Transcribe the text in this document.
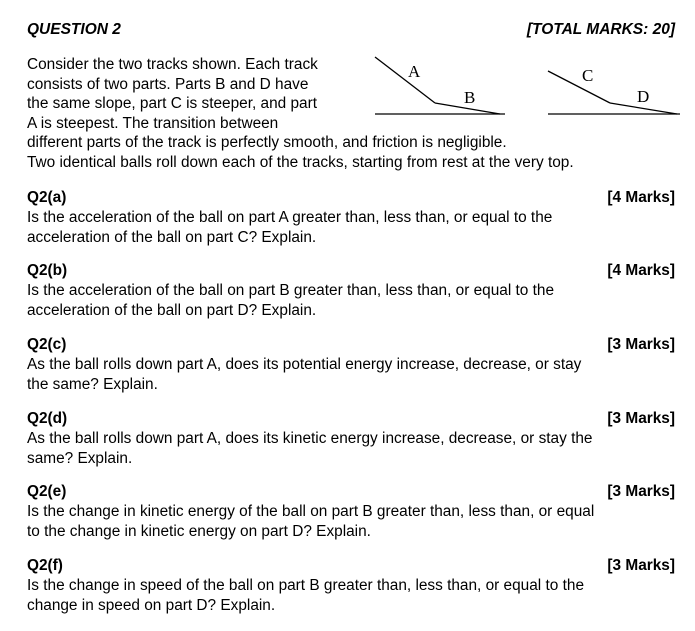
QUESTION 2	[TOTAL MARKS: 20]
Consider the two tracks shown. Each track
consists of two parts. Parts B and D have
the same slope, part C is steeper, and part
A is steepest. The transition between
different parts of the track is perfectly smooth, and friction is negligible.
Two identical balls roll down each of the tracks, starting from rest at the very top.
A
B
C
D
Q2(a)	[4 Marks]
Is the acceleration of the ball on part A greater than, less than, or equal to the
acceleration of the ball on part C? Explain.
Q2(b)	[4 Marks]
Is the acceleration of the ball on part B greater than, less than, or equal to the
acceleration of the ball on part D? Explain.
Q2(c)	[3 Marks]
As the ball rolls down part A, does its potential energy increase, decrease, or stay
the same? Explain.
Q2(d)	[3 Marks]
As the ball rolls down part A, does its kinetic energy increase, decrease, or stay the
same? Explain.
Q2(e)	[3 Marks]
Is the change in kinetic energy of the ball on part B greater than, less than, or equal
to the change in kinetic energy on part D? Explain.
Q2(f)	[3 Marks]
Is the change in speed of the ball on part B greater than, less than, or equal to the
change in speed on part D? Explain.
